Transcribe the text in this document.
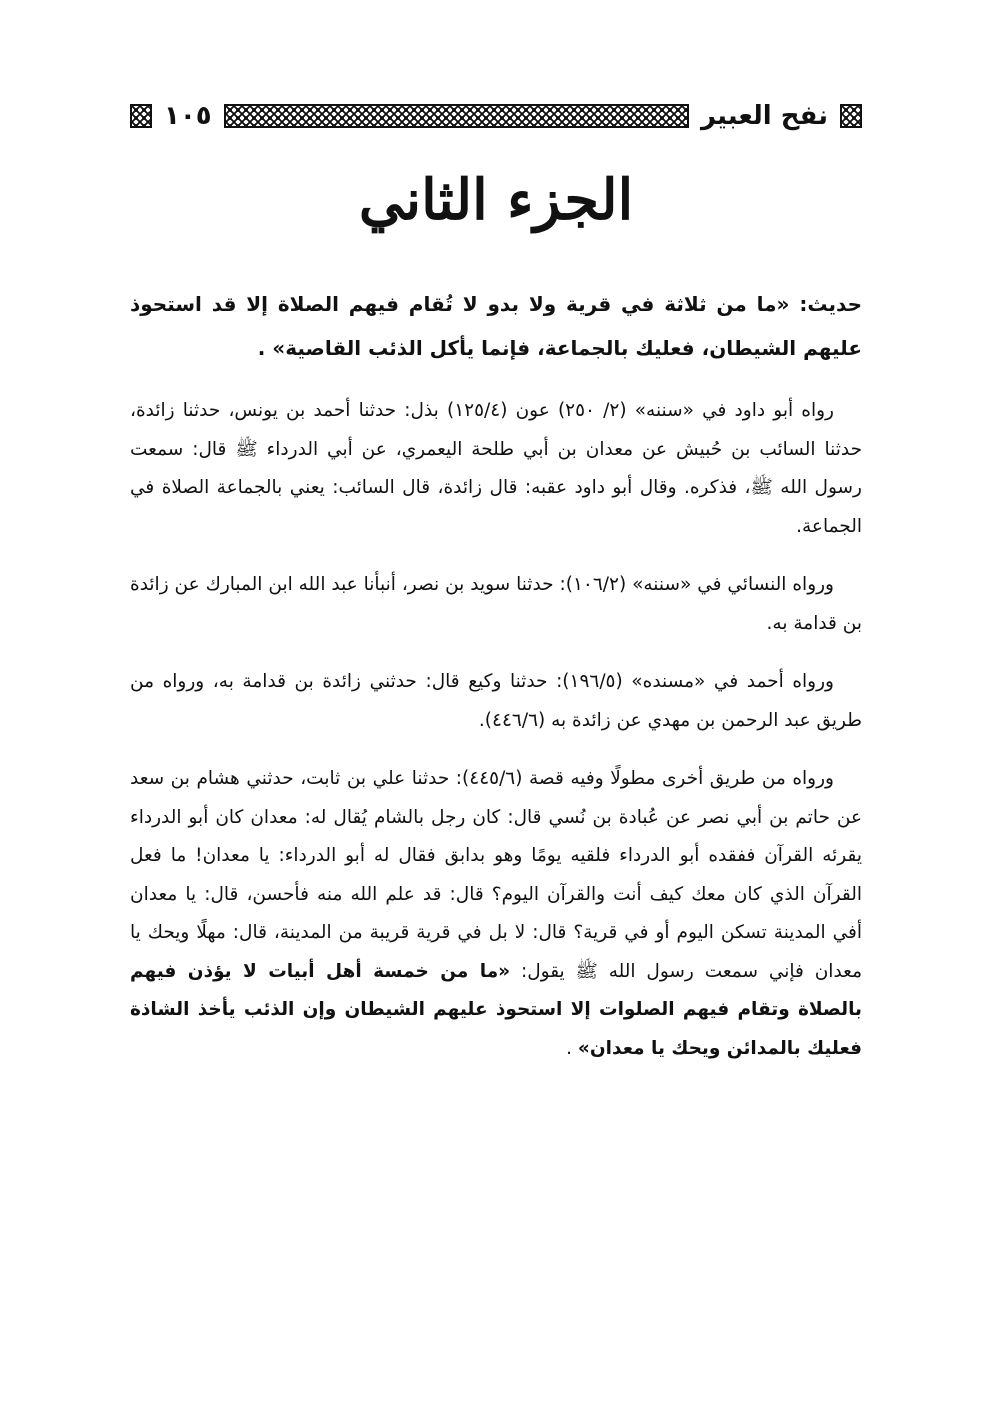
نفح العبير
١٠٥
الجزء الثاني

حديث: «ما من ثلاثة في قرية ولا بدو لا تُقام فيهم الصلاة إلا قد استحوذ عليهم الشيطان، فعليك بالجماعة، فإنما يأكل الذئب القاصية» .

رواه أبو داود في «سننه» (٢/ ٢٥٠) عون (١٢٥/٤) بذل: حدثنا أحمد بن يونس، حدثنا زائدة، حدثنا السائب بن حُبيش عن معدان بن أبي طلحة اليعمري، عن أبي الدرداء ﷺ قال: سمعت رسول الله ﷺ، فذكره. وقال أبو داود عقبه: قال زائدة، قال السائب: يعني بالجماعة الصلاة في الجماعة.

ورواه النسائي في «سننه» (١٠٦/٢): حدثنا سويد بن نصر، أنبأنا عبد الله ابن المبارك عن زائدة بن قدامة به.

ورواه أحمد في «مسنده» (١٩٦/٥): حدثنا وكيع قال: حدثني زائدة بن قدامة به، ورواه من طريق عبد الرحمن بن مهدي عن زائدة به (٤٤٦/٦).

ورواه من طريق أخرى مطولًا وفيه قصة (٤٤٥/٦): حدثنا علي بن ثابت، حدثني هشام بن سعد عن حاتم بن أبي نصر عن عُبادة بن نُسي قال: كان رجل بالشام يُقال له: معدان كان أبو الدرداء يقرئه القرآن ففقده أبو الدرداء فلقيه يومًا وهو بدابق فقال له أبو الدرداء: يا معدان! ما فعل القرآن الذي كان معك كيف أنت والقرآن اليوم؟ قال: قد علم الله منه فأحسن، قال: يا معدان أفي المدينة تسكن اليوم أو في قرية؟ قال: لا بل في قرية قريبة من المدينة، قال: مهلًا ويحك يا معدان فإني سمعت رسول الله ﷺ يقول: «ما من خمسة أهل أبيات لا يؤذن فيهم بالصلاة وتقام فيهم الصلوات إلا استحوذ عليهم الشيطان وإن الذئب يأخذ الشاذة فعليك بالمدائن ويحك يا معدان» .
